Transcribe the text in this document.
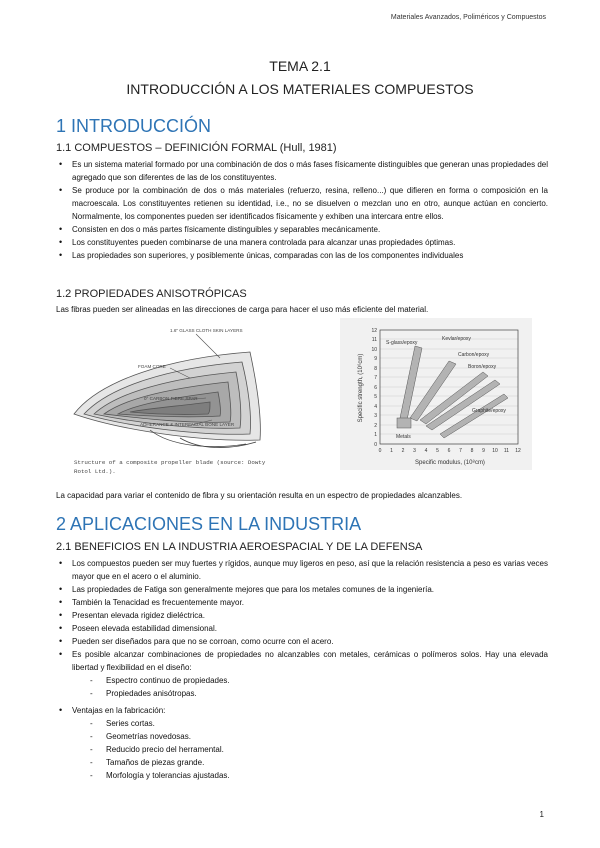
Materiales Avanzados, Poliméricos y Compuestos
TEMA 2.1
INTRODUCCIÓN A LOS MATERIALES COMPUESTOS
1 INTRODUCCIÓN
1.1 COMPUESTOS – DEFINICIÓN FORMAL (Hull, 1981)
• Es un sistema material formado por una combinación de dos o más fases físicamente distinguibles que generan unas propiedades del agregado que son diferentes de las de los constituyentes.
• Se produce por la combinación de dos o más materiales (refuerzo, resina, relleno...) que difieren en forma o composición en la macroescala. Los constituyentes retienen su identidad, i.e., no se disuelven o mezclan uno en otro, aunque actúan en concierto. Normalmente, los componentes pueden ser identificados físicamente y exhiben una intercara entre ellos.
• Consisten en dos o más partes físicamente distinguibles y separables mecánicamente.
• Los constituyentes pueden combinarse de una manera controlada para alcanzar unas propiedades óptimas.
• Las propiedades son superiores, y posiblemente únicas, comparadas con las de los componentes individuales
1.2 PROPIEDADES ANISOTRÓPICAS
Las fibras pueden ser alineadas en las direcciones de carga para hacer el uso más eficiente del material.
1.6" GLASS CLOTH SKIN LAYERS
FOAM CORE
0° CARBON FIBRE SPAR
ADHERANCE & INTERFACIAL BONE LAYER
Structure of a composite propeller blade (source: Dowty
Rotol Ltd.).
S-glass/epoxy
Kevlar/epoxy
Carbon/epoxy
Boron/epoxy
Graphite/epoxy
Metals
12
11
10
9
8
7
6
5
4
3
2
1
0
0 1 2 3 4 5 6 7 8 9 10 11 12
Specific modulus, (10⁸cm)
Specific strength, (10⁶cm)
La capacidad para variar el contenido de fibra y su orientación resulta en un espectro de propiedades alcanzables.
2 APLICACIONES EN LA INDUSTRIA
2.1 BENEFICIOS EN LA INDUSTRIA AEROESPACIAL Y DE LA DEFENSA
• Los compuestos pueden ser muy fuertes y rígidos, aunque muy ligeros en peso, así que la relación resistencia a peso es varias veces mayor que en el acero o el aluminio.
• Las propiedades de Fatiga son generalmente mejores que para los metales comunes de la ingeniería.
• También la Tenacidad es frecuentemente mayor.
• Presentan elevada rigidez dieléctrica.
• Poseen elevada estabilidad dimensional.
• Pueden ser diseñados para que no se corroan, como ocurre con el acero.
• Es posible alcanzar combinaciones de propiedades no alcanzables con metales, cerámicas o polímeros solos. Hay una elevada libertad y flexibilidad en el diseño:
- Espectro continuo de propiedades.
- Propiedades anisótropas.
• Ventajas en la fabricación:
- Series cortas.
- Geometrías novedosas.
- Reducido precio del herramental.
- Tamaños de piezas grande.
- Morfología y tolerancias ajustadas.
1
